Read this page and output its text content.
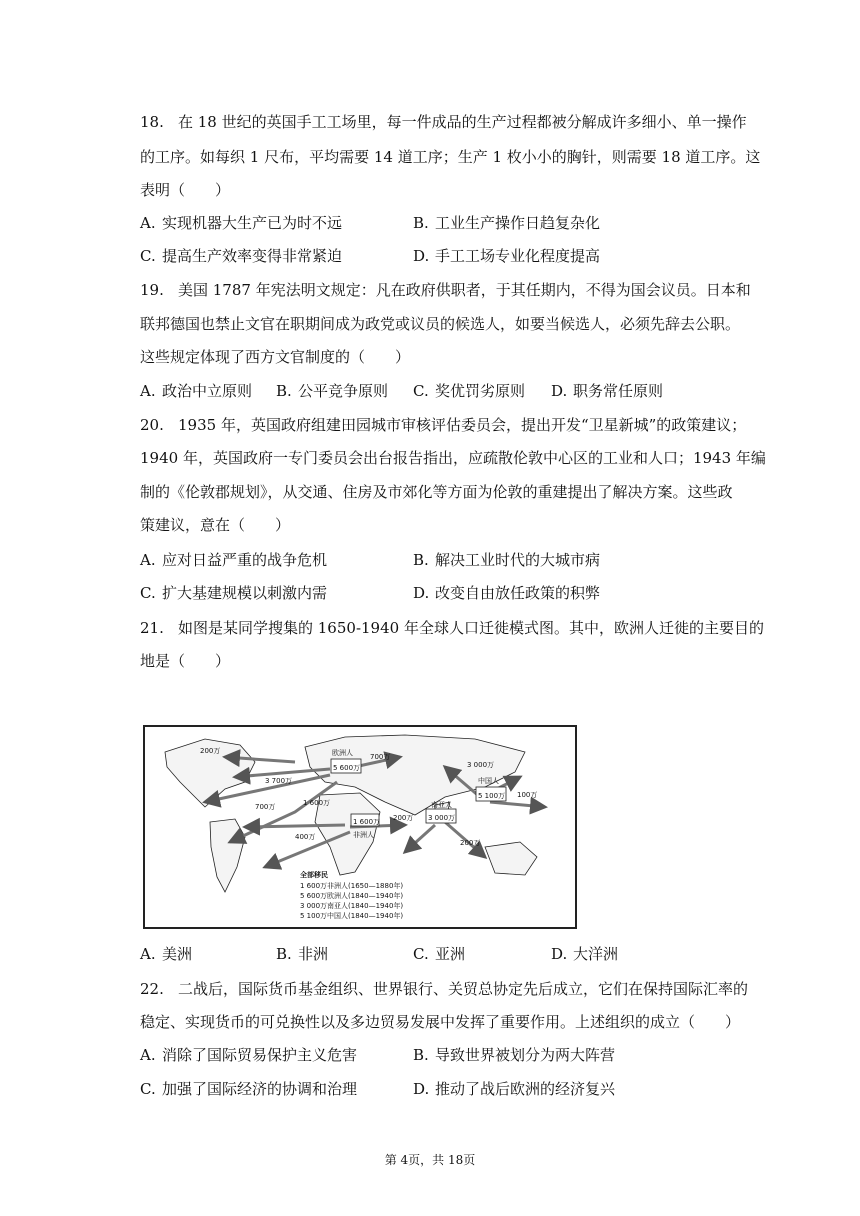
18. 在 18 世纪的英国手工工场里，每一件成品的生产过程都被分解成许多细小、单一操作
的工序。如每织 1 尺布，平均需要 14 道工序；生产 1 枚小小的胸针，则需要 18 道工序。这
表明（　　）
A. 实现机器大生产已为时不远	B. 工业生产操作日趋复杂化
C. 提高生产效率变得非常紧迫	D. 手工工场专业化程度提高
19. 美国 1787 年宪法明文规定：凡在政府供职者，于其任期内，不得为国会议员。日本和
联邦德国也禁止文官在职期间成为政党或议员的候选人，如要当候选人，必须先辞去公职。
这些规定体现了西方文官制度的（　　）
A. 政治中立原则 B. 公平竞争原则 C. 奖优罚劣原则 D. 职务常任原则
20. 1935 年，英国政府组建田园城市审核评估委员会，提出开发“卫星新城”的政策建议；
1940 年，英国政府一专门委员会出台报告指出，应疏散伦敦中心区的工业和人口；1943 年编
制的《伦敦郡规划》，从交通、住房及市郊化等方面为伦敦的重建提出了解决方案。这些政
策建议，意在（　　）
A. 应对日益严重的战争危机	B. 解决工业时代的大城市病
C. 扩大基建规模以刺激内需	D. 改变自由放任政策的积弊
21. 如图是某同学搜集的 1650-1940 年全球人口迁徙模式图。其中，欧洲人迁徙的主要目的
地是（　　）
欧洲人
5 600万
中国人
5 100万
1 600万
非洲人
南亚人
3 000万
3 000万
3 700万
700万
700万	1 600万
400万
200万
200万
200万
100万
全部移民
1 600万非洲人(1650—1880年)
5 600万欧洲人(1840—1940年)
3 000万南亚人(1840—1940年)
5 100万中国人(1840—1940年)
A. 美洲	B. 非洲	C. 亚洲	D. 大洋洲
22. 二战后，国际货币基金组织、世界银行、关贸总协定先后成立，它们在保持国际汇率的
稳定、实现货币的可兑换性以及多边贸易发展中发挥了重要作用。上述组织的成立（　　）
A. 消除了国际贸易保护主义危害	B. 导致世界被划分为两大阵营
C. 加强了国际经济的协调和治理	D. 推动了战后欧洲的经济复兴
第 4页，共 18页
